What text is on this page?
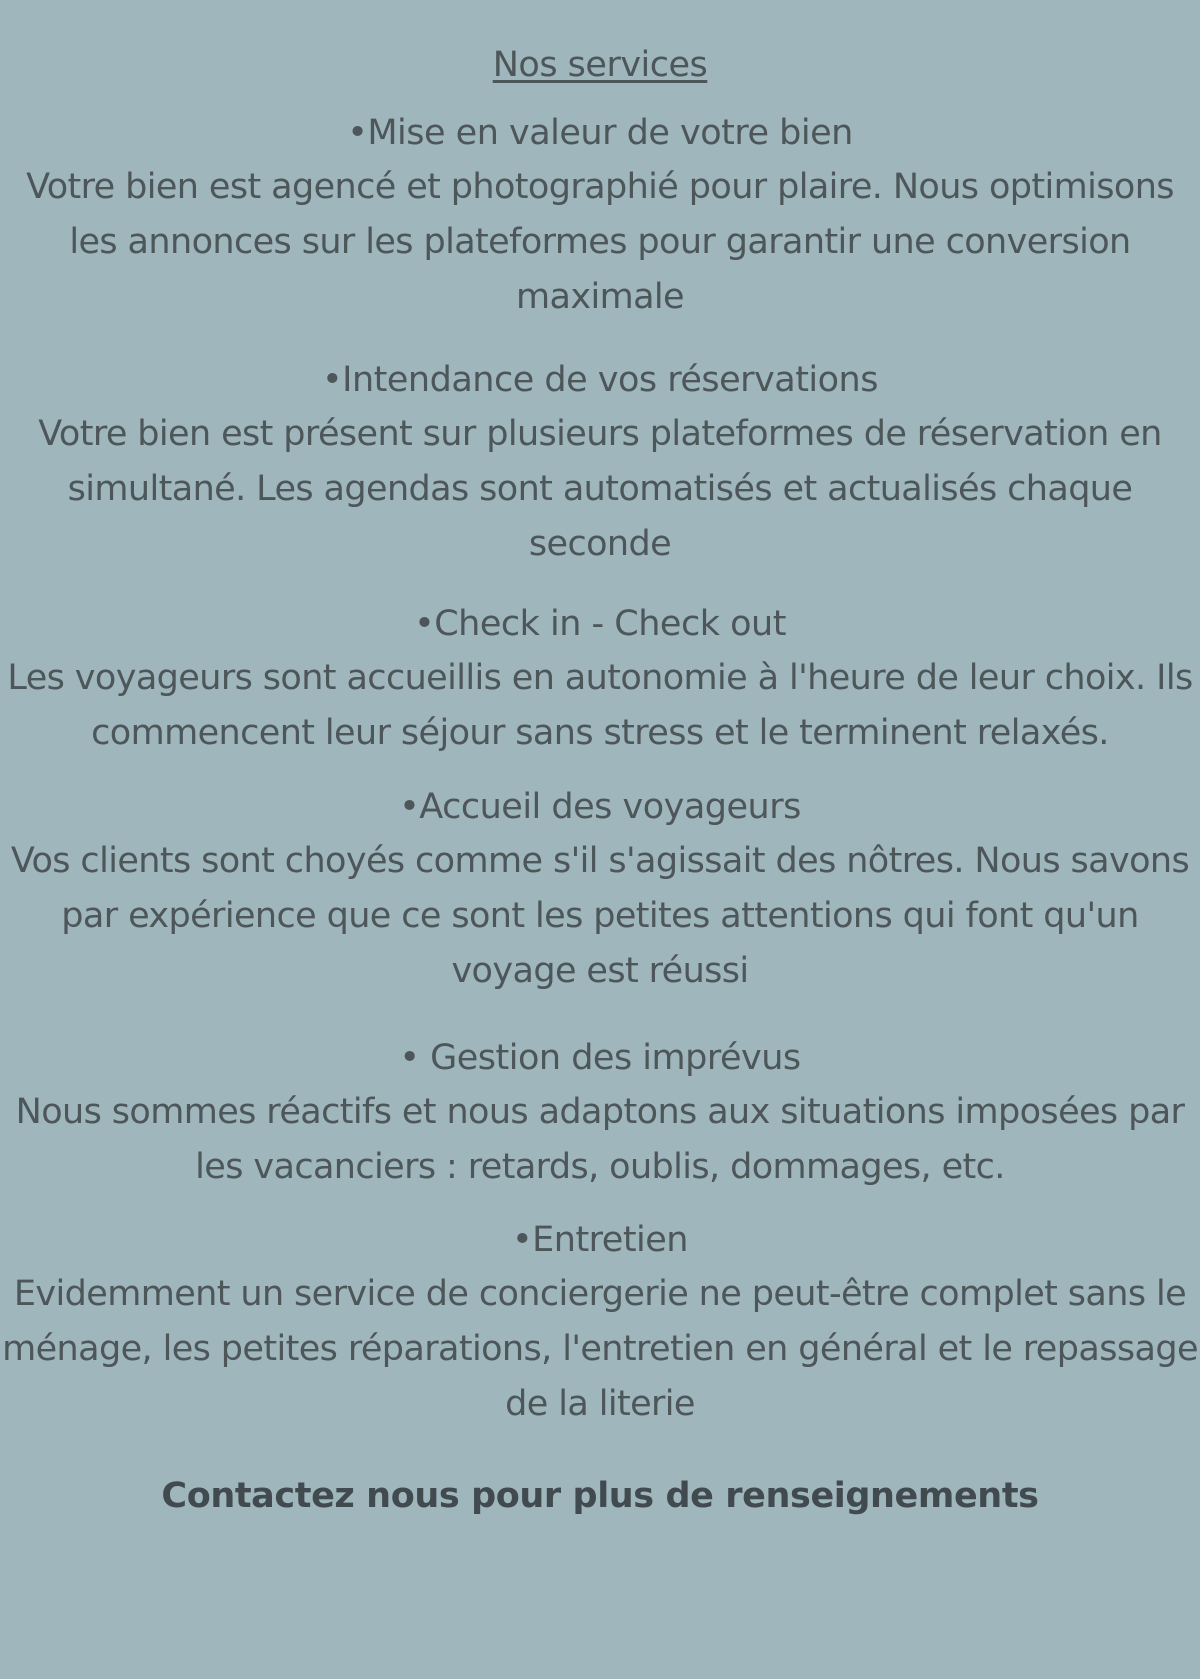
Nos services
•Mise en valeur de votre bien

Votre bien est agencé et photographié pour plaire. Nous optimisons les annonces sur les plateformes pour garantir une conversion maximale

•Intendance de vos réservations

Votre bien est présent sur plusieurs plateformes de réservation en simultané. Les agendas sont automatisés et actualisés chaque seconde

•Check in - Check out

Les voyageurs sont accueillis en autonomie à l'heure de leur choix. Ils commencent leur séjour sans stress et le terminent relaxés.

•Accueil des voyageurs

Vos clients sont choyés comme s'il s'agissait des nôtres. Nous savons par expérience que ce sont les petites attentions qui font qu'un voyage est réussi

• Gestion des imprévus

Nous sommes réactifs et nous adaptons aux situations imposées par les vacanciers : retards, oublis, dommages, etc.

•Entretien

Evidemment un service de conciergerie ne peut-être complet sans le ménage, les petites réparations, l'entretien en général et le repassage de la literie

Contactez nous pour plus de renseignements
